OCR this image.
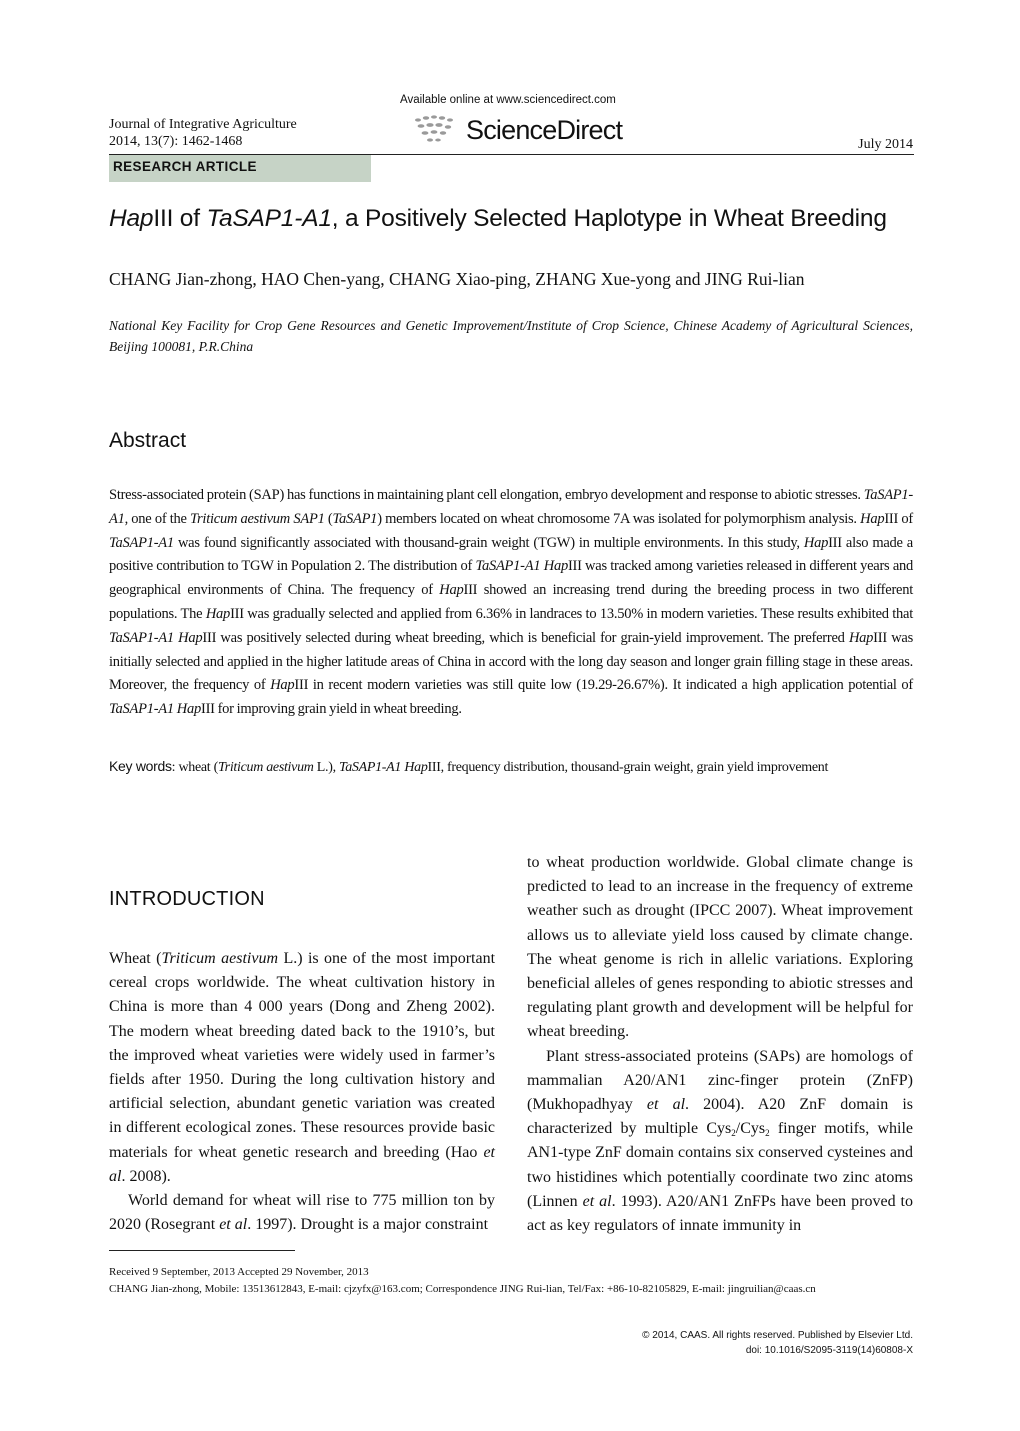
Journal of Integrative Agriculture
2014, 13(7): 1462-1468
Available online at www.sciencedirect.com
ScienceDirect	July 2014
RESEARCH ARTICLE
HapIII of TaSAP1-A1, a Positively Selected Haplotype in Wheat Breeding
CHANG Jian-zhong, HAO Chen-yang, CHANG Xiao-ping, ZHANG Xue-yong and JING Rui-lian
National Key Facility for Crop Gene Resources and Genetic Improvement/Institute of Crop Science, Chinese Academy of Agricultural Sciences, Beijing 100081, P.R.China
Abstract
Stress-associated protein (SAP) has functions in maintaining plant cell elongation, embryo development and response to abiotic stresses. TaSAP1-A1, one of the Triticum aestivum SAP1 (TaSAP1) members located on wheat chromosome 7A was isolated for polymorphism analysis. HapIII of TaSAP1-A1 was found significantly associated with thousand-grain weight (TGW) in multiple environments. In this study, HapIII also made a positive contribution to TGW in Population 2. The distribution of TaSAP1-A1 HapIII was tracked among varieties released in different years and geographical environments of China. The frequency of HapIII showed an increasing trend during the breeding process in two different populations. The HapIII was gradually selected and applied from 6.36% in landraces to 13.50% in modern varieties. These results exhibited that TaSAP1-A1 HapIII was positively selected during wheat breeding, which is beneficial for grain-yield improvement. The preferred HapIII was initially selected and applied in the higher latitude areas of China in accord with the long day season and longer grain filling stage in these areas. Moreover, the frequency of HapIII in recent modern varieties was still quite low (19.29-26.67%). It indicated a high application potential of TaSAP1-A1 HapIII for improving grain yield in wheat breeding.
Key words: wheat (Triticum aestivum L.), TaSAP1-A1 HapIII, frequency distribution, thousand-grain weight, grain yield improvement
INTRODUCTION

Wheat (Triticum aestivum L.) is one of the most important cereal crops worldwide. The wheat cultivation history in China is more than 4 000 years (Dong and Zheng 2002). The modern wheat breeding dated back to the 1910’s, but the improved wheat varieties were widely used in farmer’s fields after 1950. During the long cultivation history and artificial selection, abundant genetic variation was created in different ecological zones. These resources provide basic materials for wheat genetic research and breeding (Hao et al. 2008).

World demand for wheat will rise to 775 million ton by 2020 (Rosegrant et al. 1997). Drought is a major constraint

to wheat production worldwide. Global climate change is predicted to lead to an increase in the frequency of extreme weather such as drought (IPCC 2007). Wheat improvement allows us to alleviate yield loss caused by climate change. The wheat genome is rich in allelic variations. Exploring beneficial alleles of genes responding to abiotic stresses and regulating plant growth and development will be helpful for wheat breeding.

Plant stress-associated proteins (SAPs) are homologs of mammalian A20/AN1 zinc-finger protein (ZnFP) (Mukhopadhyay et al. 2004). A20 ZnF domain is characterized by multiple Cys$_2$/Cys$_2$ finger motifs, while AN1-type ZnF domain contains six conserved cysteines and two histidines which potentially coordinate two zinc atoms (Linnen et al. 1993). A20/AN1 ZnFPs have been proved to act as key regulators of innate immunity in

Received 9 September, 2013 Accepted 29 November, 2013
CHANG Jian-zhong, Mobile: 13513612843, E-mail: cjzyfx@163.com; Correspondence JING Rui-lian, Tel/Fax: +86-10-82105829, E-mail: jingruilian@caas.cn
© 2014, CAAS. All rights reserved. Published by Elsevier Ltd.
doi: 10.1016/S2095-3119(14)60808-X
